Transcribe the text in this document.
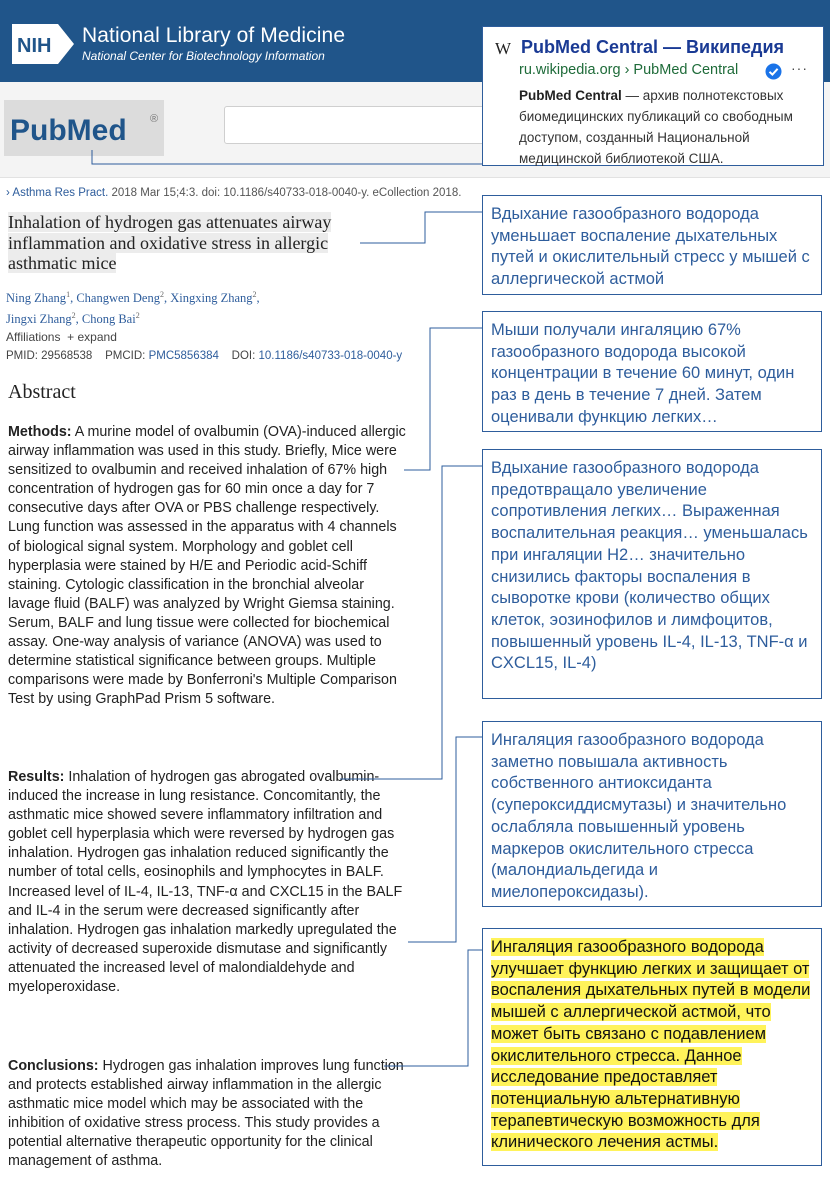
NIH National Library of Medicine
National Center for Biotechnology Information
PubMed ®
W PubMed Central — Википедия
ru.wikipedia.org › PubMed Central	···
PubMed Central — архив полнотекстовых биомедицинских публикаций со свободным доступом, созданный Национальной медицинской библиотекой США.
› Asthma Res Pract. 2018 Mar 15;4:3. doi: 10.1186/s40733-018-0040-y. eCollection 2018.
Inhalation of hydrogen gas attenuates airway inflammation and oxidative stress in allergic asthmatic mice
Ning Zhang$^1$, Changwen Deng$^2$, Xingxing Zhang$^2$,
Jingxi Zhang$^2$, Chong Bai$^2$
Affiliations + expand
PMID: 29568538 PMCID: PMC5856384 DOI: 10.1186/s40733-018-0040-y
Abstract
Methods: A murine model of ovalbumin (OVA)-induced allergic airway inflammation was used in this study. Briefly, Mice were sensitized to ovalbumin and received inhalation of 67% high concentration of hydrogen gas for 60 min once a day for 7 consecutive days after OVA or PBS challenge respectively. Lung function was assessed in the apparatus with 4 channels of biological signal system. Morphology and goblet cell hyperplasia were stained by H/E and Periodic acid-Schiff staining. Cytologic classification in the bronchial alveolar lavage fluid (BALF) was analyzed by Wright Giemsa staining. Serum, BALF and lung tissue were collected for biochemical assay. One-way analysis of variance (ANOVA) was used to determine statistical significance between groups. Multiple comparisons were made by Bonferroni's Multiple Comparison Test by using GraphPad Prism 5 software.
Results: Inhalation of hydrogen gas abrogated ovalbumin-induced the increase in lung resistance. Concomitantly, the asthmatic mice showed severe inflammatory infiltration and goblet cell hyperplasia which were reversed by hydrogen gas inhalation. Hydrogen gas inhalation reduced significantly the number of total cells, eosinophils and lymphocytes in BALF. Increased level of IL-4, IL-13, TNF-α and CXCL15 in the BALF and IL-4 in the serum were decreased significantly after inhalation. Hydrogen gas inhalation markedly upregulated the activity of decreased superoxide dismutase and significantly attenuated the increased level of malondialdehyde and myeloperoxidase.
Conclusions: Hydrogen gas inhalation improves lung function and protects established airway inflammation in the allergic asthmatic mice model which may be associated with the inhibition of oxidative stress process. This study provides a potential alternative therapeutic opportunity for the clinical management of asthma.
Вдыхание газообразного водорода уменьшает воспаление дыхательных путей и окислительный стресс у мышей с аллергической астмой
Мыши получали ингаляцию 67% газообразного водорода высокой концентрации в течение 60 минут, один раз в день в течение 7 дней. Затем оценивали функцию легких…
Вдыхание газообразного водорода предотвращало увеличение сопротивления легких… Выраженная воспалительная реакция… уменьшалась при ингаляции H2… значительно снизились факторы воспаления в сыворотке крови (количество общих клеток, эозинофилов и лимфоцитов, повышенный уровень IL-4, IL-13, TNF-α и CXCL15, IL-4)
Ингаляция газообразного водорода заметно повышала активность собственного антиоксиданта (супероксиддисмутазы) и значительно ослабляла повышенный уровень маркеров окислительного стресса (малондиальдегида и миелопероксидазы).
Ингаляция газообразного водорода улучшает функцию легких и защищает от воспаления дыхательных путей в модели мышей с аллергической астмой, что может быть связано с подавлением окислительного стресса. Данное исследование предоставляет потенциальную альтернативную терапевтическую возможность для клинического лечения астмы.
